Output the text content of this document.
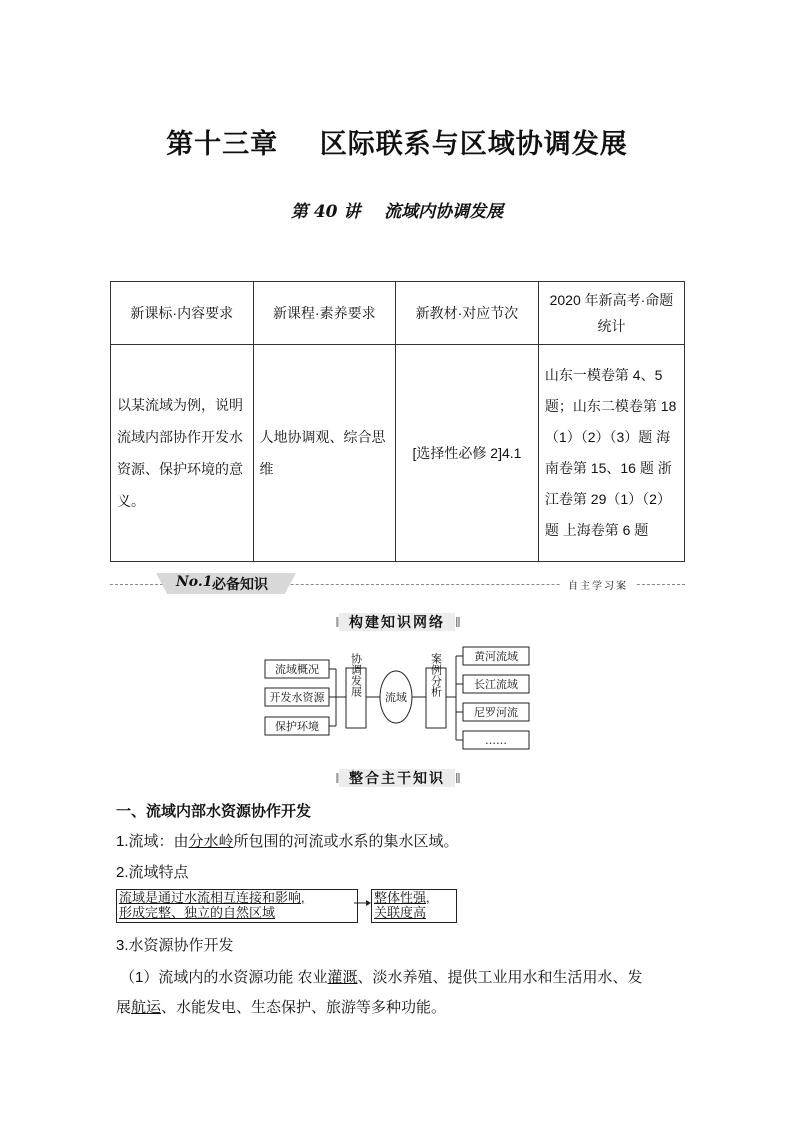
第十三章 区际联系与区域协调发展
第 40 讲 流域内协调发展
新课标·内容要求	新课程·素养要求	新教材·对应节次	2020 年新高考·命题统计
以某流域为例，说明流域内部协作开发水资源、保护环境的意义。	人地协调观、综合思维	[选择性必修 2]4.1	山东一模卷第 4、5 题；山东二模卷第 18（1）（2）（3）题 海南卷第 15、16 题 浙江卷第 29（1）（2）题 上海卷第 6 题
No.1 必备知识	自主学习案
‖ 构建知识网络 ‖
流域概况
开发水资源
保护环境
协调发展
流域
案例分析	黄河流域
长江流域
尼罗河流
……
‖ 整合主干知识 ‖
一、流域内部水资源协作开发
1.流域：由分水岭所包围的河流或水系的集水区域。
2.流域特点
流域是通过水流相互连接和影响,
形成完整、独立的自然区域
整体性强,
关联度高
3.水资源协作开发
（1）流域内的水资源功能 农业灌溉、淡水养殖、提供工业用水和生活用水、发
展航运、水能发电、生态保护、旅游等多种功能。
